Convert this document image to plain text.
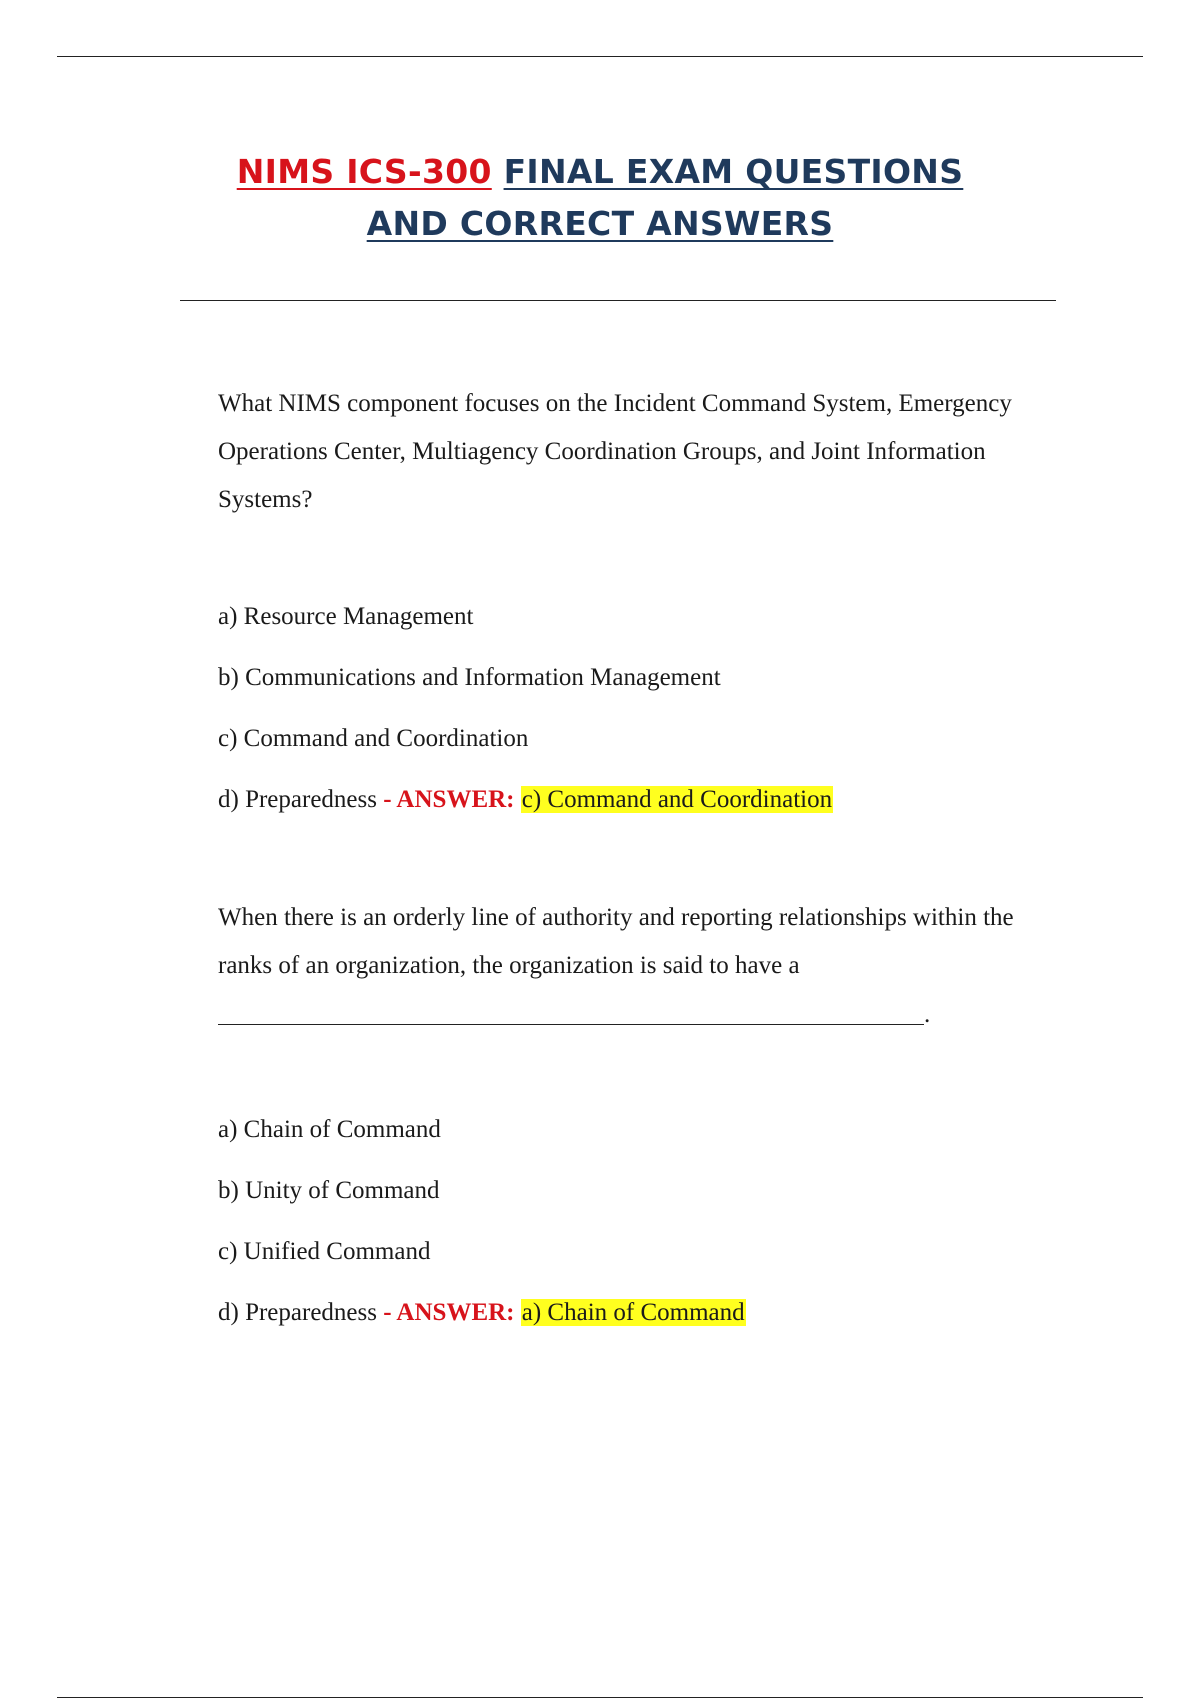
NIMS ICS-300 FINAL EXAM QUESTIONS
AND CORRECT ANSWERS
What NIMS component focuses on the Incident Command System, Emergency Operations Center, Multiagency Coordination Groups, and Joint Information Systems?
a) Resource Management
b) Communications and Information Management
c) Command and Coordination
d) Preparedness - ANSWER: c) Command and Coordination
When there is an orderly line of authority and reporting relationships within the ranks of an organization, the organization is said to have a
.
a) Chain of Command
b) Unity of Command
c) Unified Command
d) Preparedness - ANSWER: a) Chain of Command
